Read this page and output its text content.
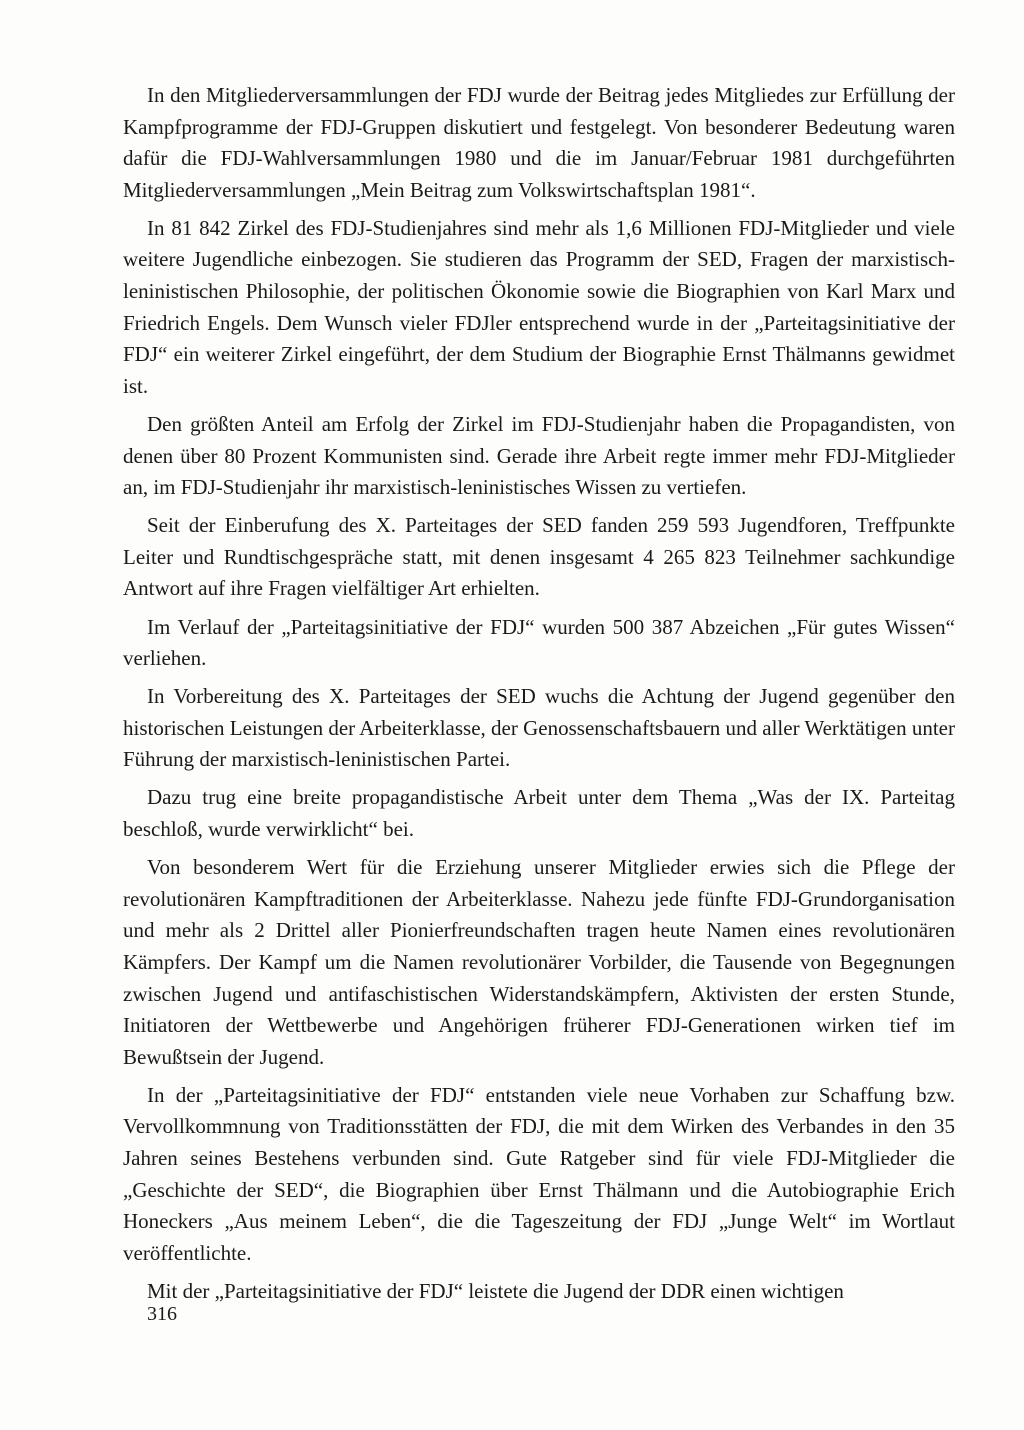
In den Mitgliederversammlungen der FDJ wurde der Beitrag jedes Mitgliedes zur Erfüllung der Kampfprogramme der FDJ-Gruppen diskutiert und festgelegt. Von besonderer Bedeutung waren dafür die FDJ-Wahlversammlungen 1980 und die im Januar/Februar 1981 durchgeführten Mitgliederversammlungen „Mein Beitrag zum Volkswirtschaftsplan 1981“.

In 81 842 Zirkel des FDJ-Studienjahres sind mehr als 1,6 Millionen FDJ-Mitglieder und viele weitere Jugendliche einbezogen. Sie studieren das Programm der SED, Fragen der marxistisch-leninistischen Philosophie, der politischen Ökonomie sowie die Biographien von Karl Marx und Friedrich Engels. Dem Wunsch vieler FDJler entsprechend wurde in der „Parteitagsinitiative der FDJ“ ein weiterer Zirkel eingeführt, der dem Studium der Biographie Ernst Thälmanns gewidmet ist.

Den größten Anteil am Erfolg der Zirkel im FDJ-Studienjahr haben die Propagandisten, von denen über 80 Prozent Kommunisten sind. Gerade ihre Arbeit regte immer mehr FDJ-Mitglieder an, im FDJ-Studienjahr ihr marxistisch-leninistisches Wissen zu vertiefen.

Seit der Einberufung des X. Parteitages der SED fanden 259 593 Jugendforen, Treffpunkte Leiter und Rundtischgespräche statt, mit denen insgesamt 4 265 823 Teilnehmer sachkundige Antwort auf ihre Fragen vielfältiger Art erhielten.

Im Verlauf der „Parteitagsinitiative der FDJ“ wurden 500 387 Abzeichen „Für gutes Wissen“ verliehen.

In Vorbereitung des X. Parteitages der SED wuchs die Achtung der Jugend gegenüber den historischen Leistungen der Arbeiterklasse, der Genossenschaftsbauern und aller Werktätigen unter Führung der marxistisch-leninistischen Partei.

Dazu trug eine breite propagandistische Arbeit unter dem Thema „Was der IX. Parteitag beschloß, wurde verwirklicht“ bei.

Von besonderem Wert für die Erziehung unserer Mitglieder erwies sich die Pflege der revolutionären Kampftraditionen der Arbeiterklasse. Nahezu jede fünfte FDJ-Grundorganisation und mehr als 2 Drittel aller Pionierfreundschaften tragen heute Namen eines revolutionären Kämpfers. Der Kampf um die Namen revolutionärer Vorbilder, die Tausende von Begegnungen zwischen Jugend und antifaschistischen Widerstandskämpfern, Aktivisten der ersten Stunde, Initiatoren der Wettbewerbe und Angehörigen früherer FDJ-Generationen wirken tief im Bewußtsein der Jugend.

In der „Parteitagsinitiative der FDJ“ entstanden viele neue Vorhaben zur Schaffung bzw. Vervollkommnung von Traditionsstätten der FDJ, die mit dem Wirken des Verbandes in den 35 Jahren seines Bestehens verbunden sind. Gute Ratgeber sind für viele FDJ-Mitglieder die „Geschichte der SED“, die Biographien über Ernst Thälmann und die Autobiographie Erich Honeckers „Aus meinem Leben“, die die Tageszeitung der FDJ „Junge Welt“ im Wortlaut veröffentlichte.

Mit der „Parteitagsinitiative der FDJ“ leistete die Jugend der DDR einen wichtigen

316
